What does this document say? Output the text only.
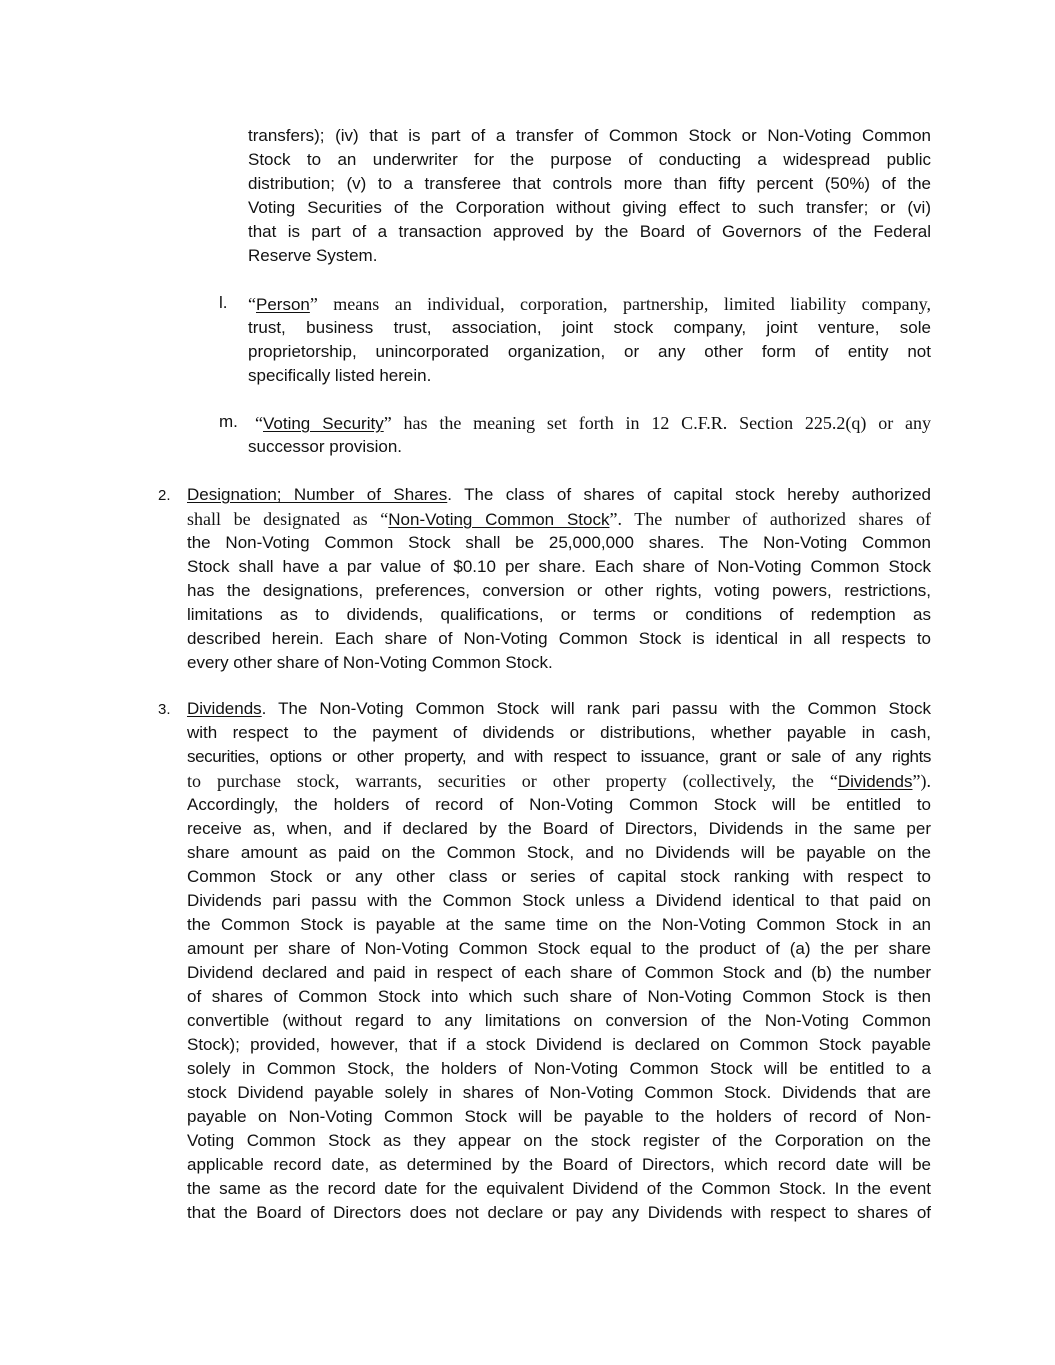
transfers); (iv) that is part of a transfer of Common Stock or Non-Voting Common
Stock to an underwriter for the purpose of conducting a widespread public
distribution; (v) to a transferee that controls more than fifty percent (50%) of the
Voting Securities of the Corporation without giving effect to such transfer; or (vi)
that is part of a transaction approved by the Board of Governors of the Federal
Reserve System.
l. “Person” means an individual, corporation, partnership, limited liability company,
trust, business trust, association, joint stock company, joint venture, sole
proprietorship, unincorporated organization, or any other form of entity not
specifically listed herein.
m. “Voting Security” has the meaning set forth in 12 C.F.R. Section 225.2(q) or any
successor provision.
2. Designation; Number of Shares. The class of shares of capital stock hereby authorized
shall be designated as “Non-Voting Common Stock”. The number of authorized shares of
the Non-Voting Common Stock shall be 25,000,000 shares. The Non-Voting Common
Stock shall have a par value of $0.10 per share. Each share of Non-Voting Common Stock
has the designations, preferences, conversion or other rights, voting powers, restrictions,
limitations as to dividends, qualifications, or terms or conditions of redemption as
described herein. Each share of Non-Voting Common Stock is identical in all respects to
every other share of Non-Voting Common Stock.
3. Dividends. The Non-Voting Common Stock will rank pari passu with the Common Stock
with respect to the payment of dividends or distributions, whether payable in cash,
securities, options or other property, and with respect to issuance, grant or sale of any rights
to purchase stock, warrants, securities or other property (collectively, the “Dividends”).
Accordingly, the holders of record of Non-Voting Common Stock will be entitled to
receive as, when, and if declared by the Board of Directors, Dividends in the same per
share amount as paid on the Common Stock, and no Dividends will be payable on the
Common Stock or any other class or series of capital stock ranking with respect to
Dividends pari passu with the Common Stock unless a Dividend identical to that paid on
the Common Stock is payable at the same time on the Non-Voting Common Stock in an
amount per share of Non-Voting Common Stock equal to the product of (a) the per share
Dividend declared and paid in respect of each share of Common Stock and (b) the number
of shares of Common Stock into which such share of Non-Voting Common Stock is then
convertible (without regard to any limitations on conversion of the Non-Voting Common
Stock); provided, however, that if a stock Dividend is declared on Common Stock payable
solely in Common Stock, the holders of Non-Voting Common Stock will be entitled to a
stock Dividend payable solely in shares of Non-Voting Common Stock. Dividends that are
payable on Non-Voting Common Stock will be payable to the holders of record of Non-
Voting Common Stock as they appear on the stock register of the Corporation on the
applicable record date, as determined by the Board of Directors, which record date will be
the same as the record date for the equivalent Dividend of the Common Stock. In the event
that the Board of Directors does not declare or pay any Dividends with respect to shares of
